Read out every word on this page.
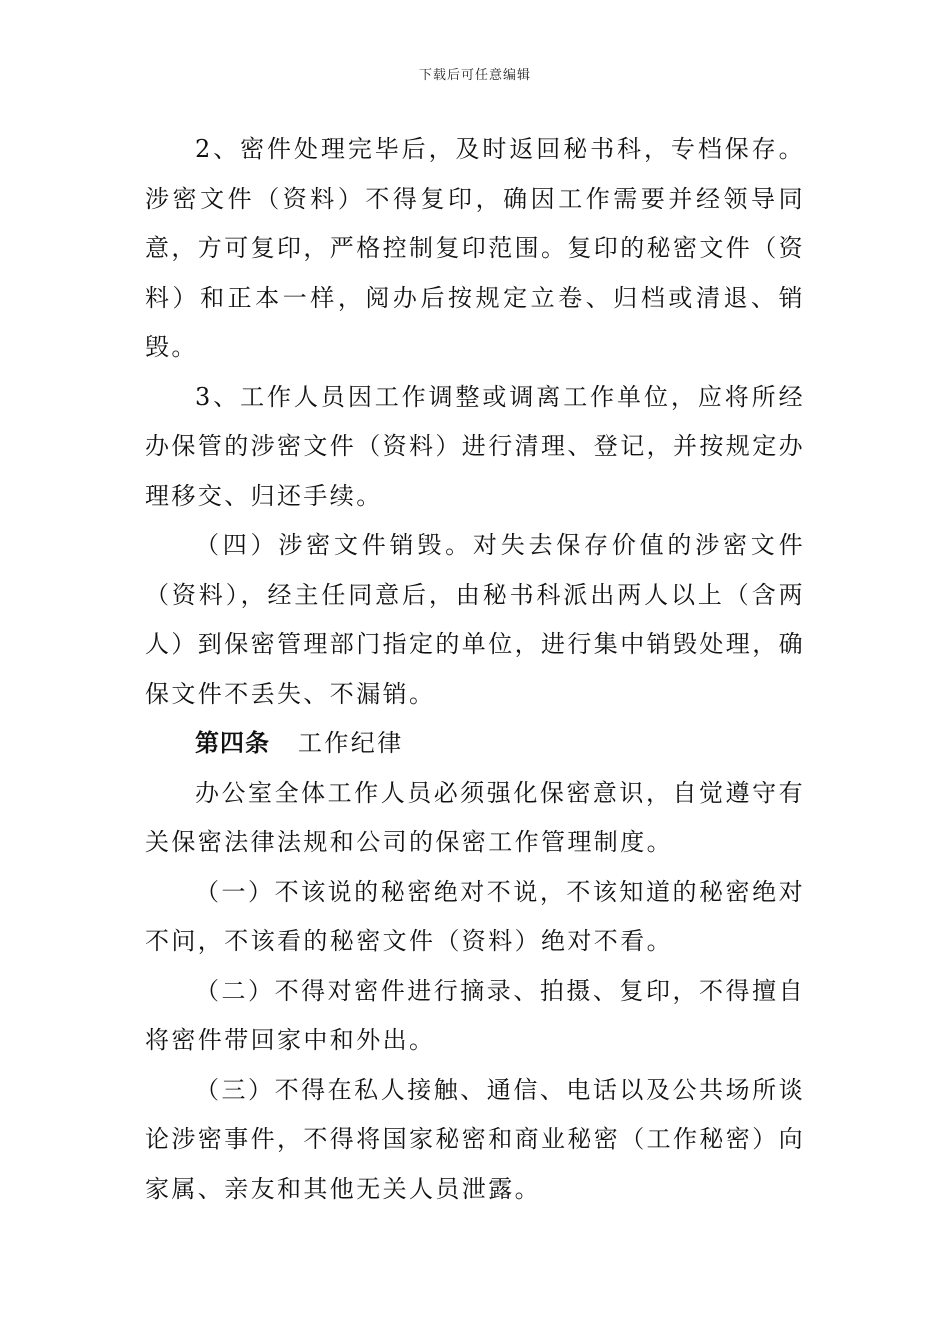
下载后可任意编辑

2、密件处理完毕后，及时返回秘书科，专档保存。涉密文件（资料）不得复印，确因工作需要并经领导同意，方可复印，严格控制复印范围。复印的秘密文件（资料）和正本一样，阅办后按规定立卷、归档或清退、销毁。

3、工作人员因工作调整或调离工作单位，应将所经办保管的涉密文件（资料）进行清理、登记，并按规定办理移交、归还手续。

（四）涉密文件销毁。对失去保存价值的涉密文件（资料），经主任同意后，由秘书科派出两人以上（含两人）到保密管理部门指定的单位，进行集中销毁处理，确保文件不丢失、不漏销。

第四条 工作纪律

办公室全体工作人员必须强化保密意识，自觉遵守有关保密法律法规和公司的保密工作管理制度。

（一）不该说的秘密绝对不说，不该知道的秘密绝对不问，不该看的秘密文件（资料）绝对不看。

（二）不得对密件进行摘录、拍摄、复印，不得擅自将密件带回家中和外出。

（三）不得在私人接触、通信、电话以及公共场所谈论涉密事件，不得将国家秘密和商业秘密（工作秘密）向家属、亲友和其他无关人员泄露。
